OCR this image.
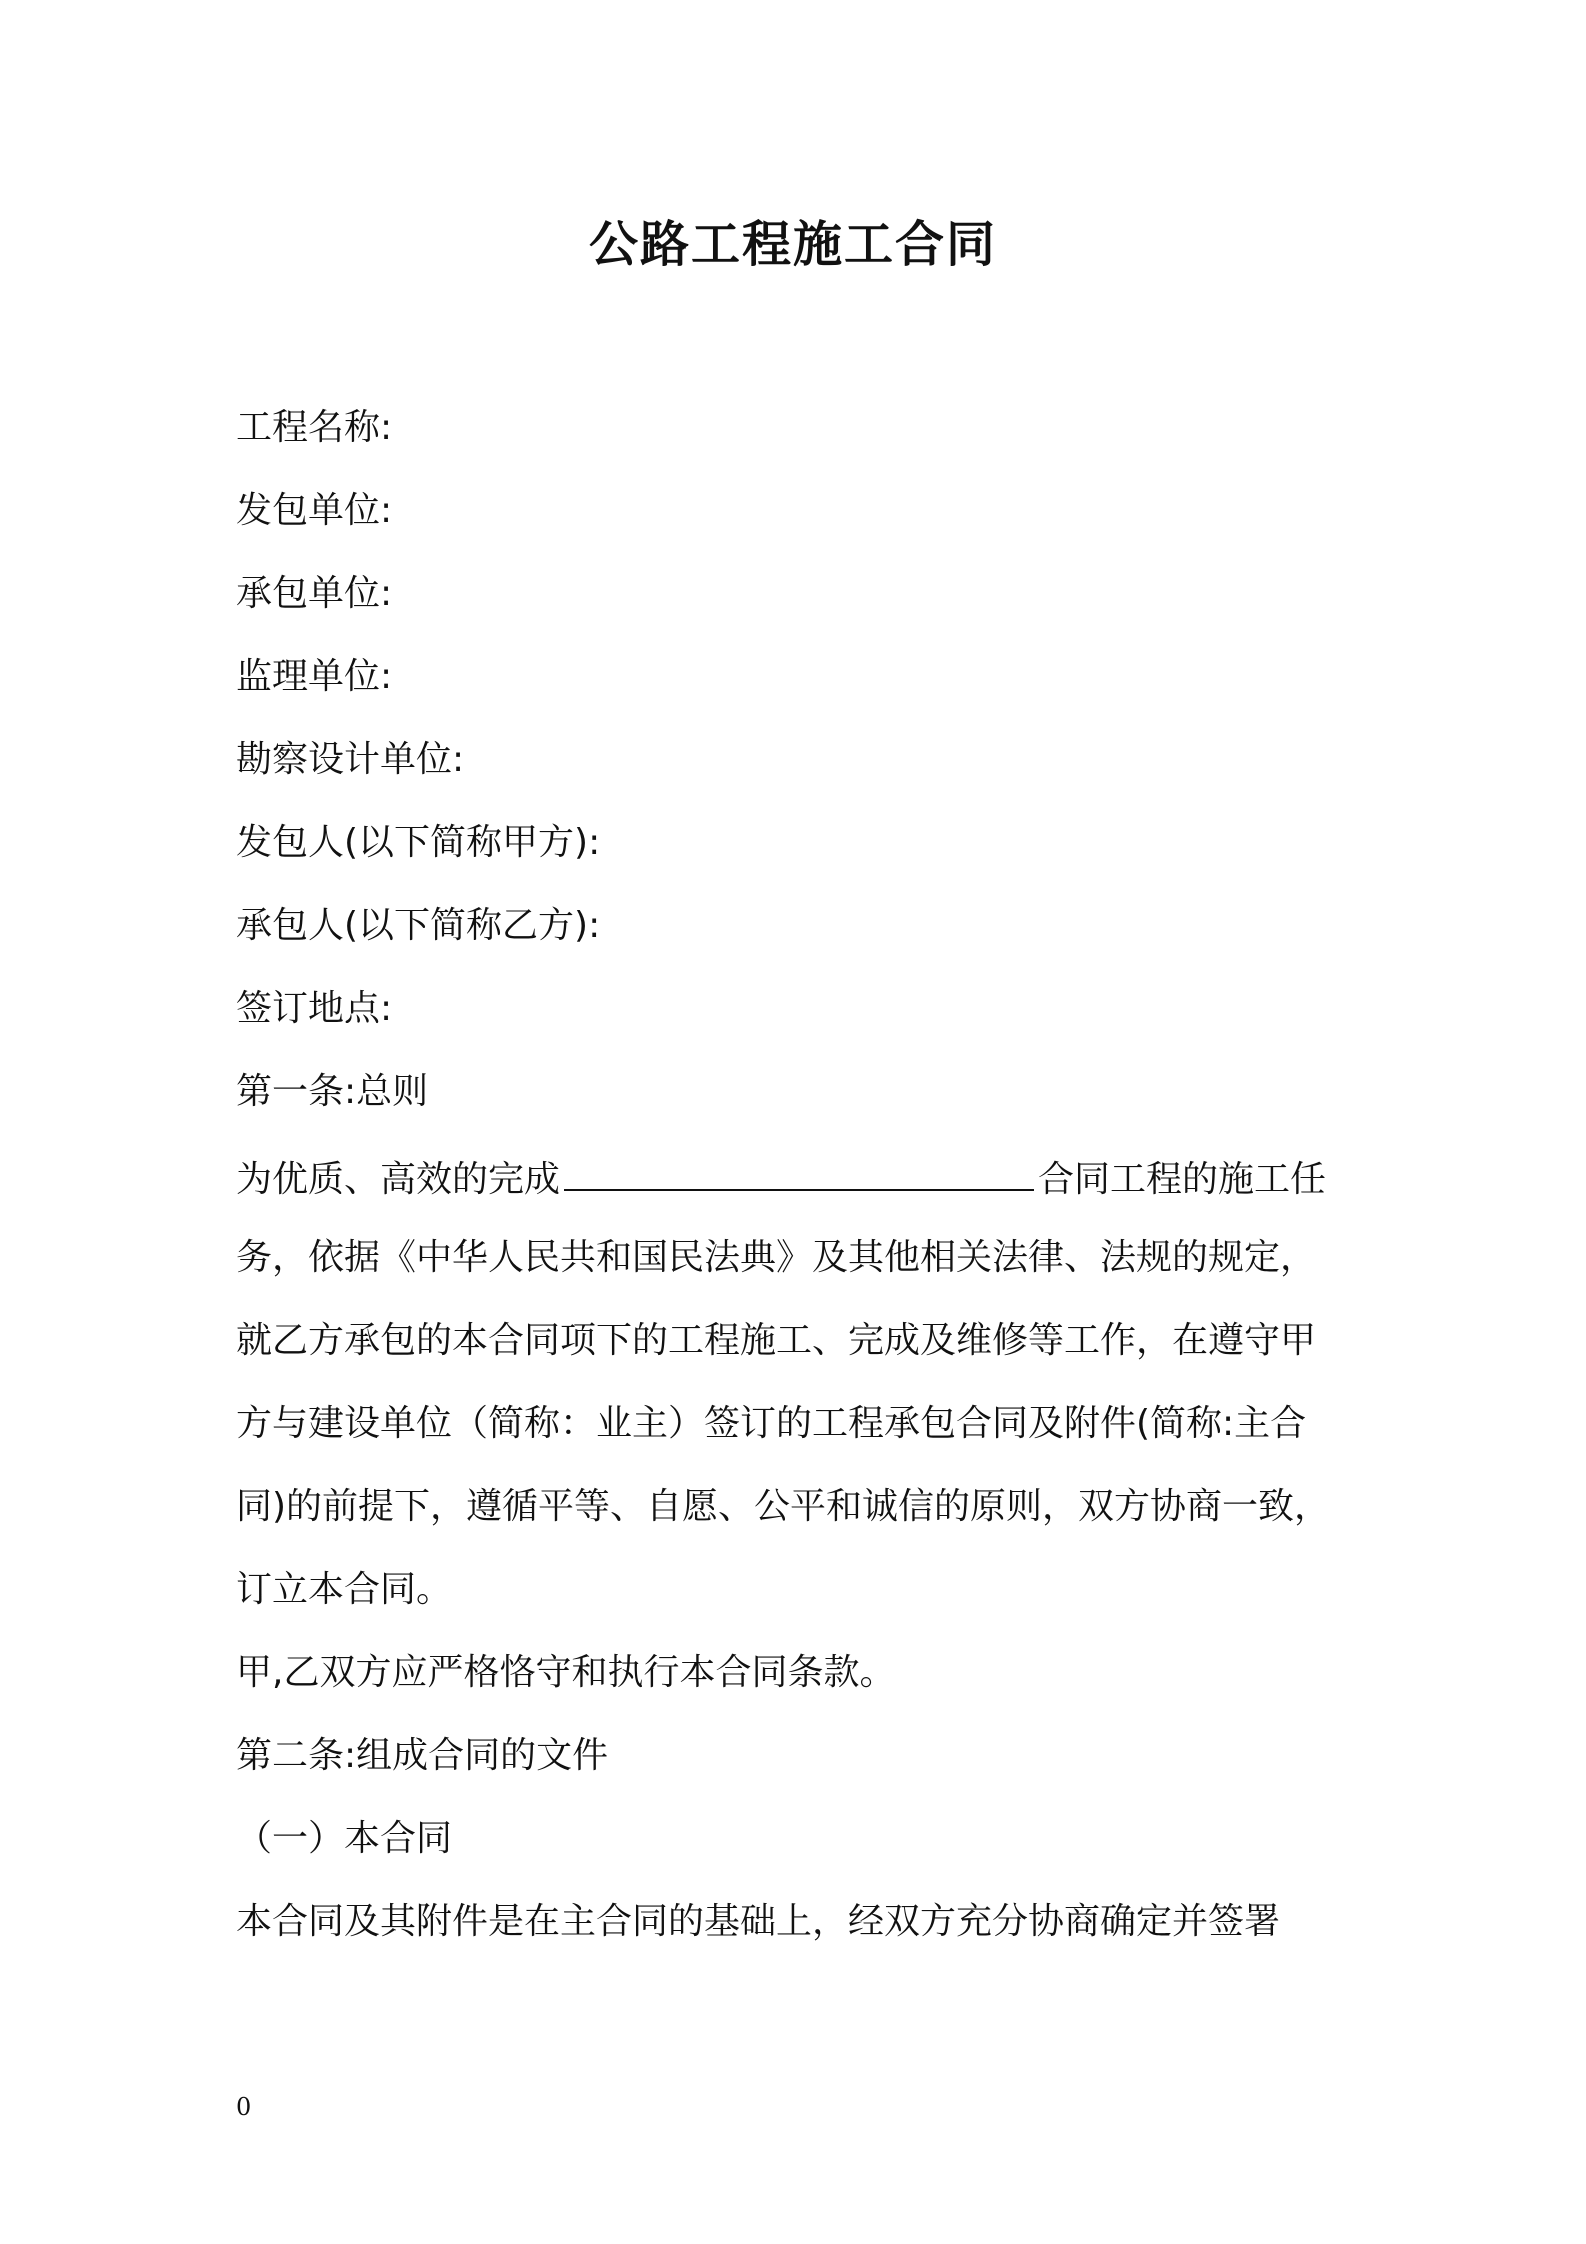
公路工程施工合同
工程名称:
发包单位:
承包单位:
监理单位:
勘察设计单位:
发包人(以下简称甲方):
承包人(以下简称乙方):
签订地点:
第一条:总则
为优质、高效的完成	合同工程的施工任
务，依据《中华人民共和国民法典》及其他相关法律、法规的规定，
就乙方承包的本合同项下的工程施工、完成及维修等工作，在遵守甲
方与建设单位（简称：业主）签订的工程承包合同及附件(简称:主合
同)的前提下，遵循平等、自愿、公平和诚信的原则，双方协商一致，
订立本合同。
甲,乙双方应严格恪守和执行本合同条款。
第二条:组成合同的文件
（一）本合同
本合同及其附件是在主合同的基础上，经双方充分协商确定并签署
0
